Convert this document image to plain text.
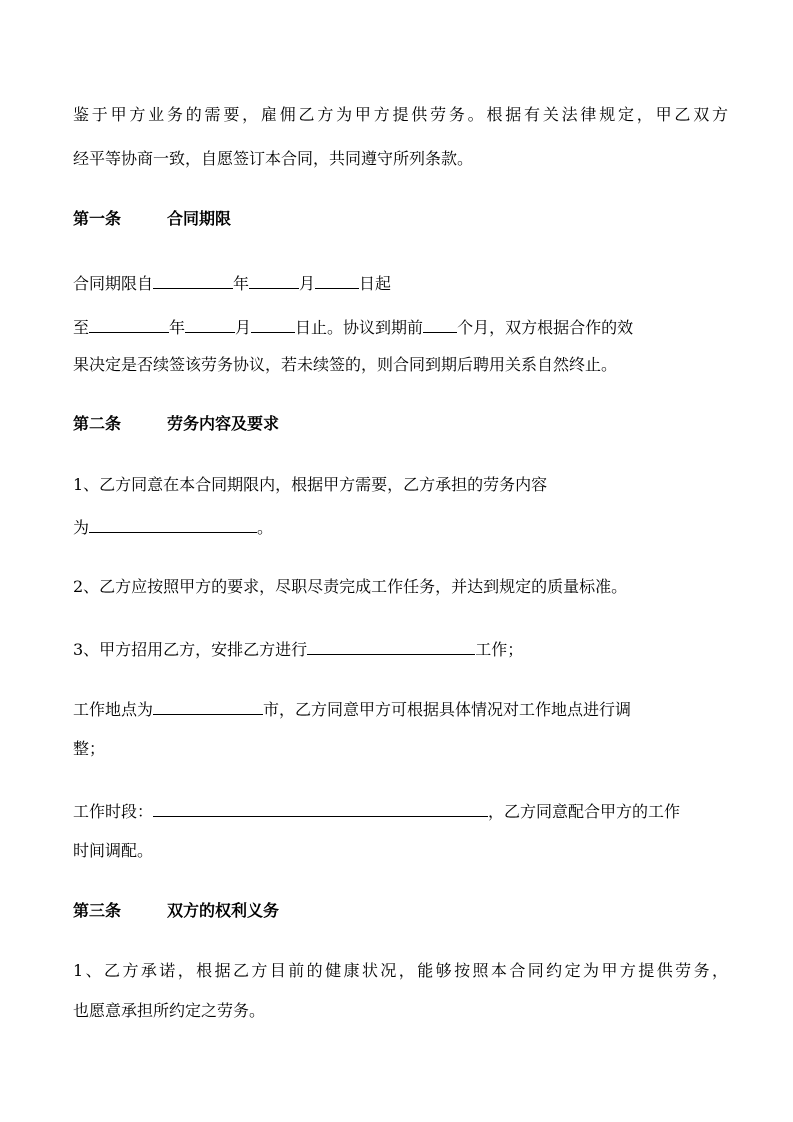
鉴于甲方业务的需要，雇佣乙方为甲方提供劳务。根据有关法律规定，甲乙双方
经平等协商一致，自愿签订本合同，共同遵守所列条款。
第一条	合同期限
合同期限自	年	月	日起
至	年	月	日止。协议到期前 个月，双方根据合作的效
果决定是否续签该劳务协议，若未续签的，则合同到期后聘用关系自然终止。
第二条	劳务内容及要求
1、乙方同意在本合同期限内，根据甲方需要，乙方承担的劳务内容
为	。
2、乙方应按照甲方的要求，尽职尽责完成工作任务，并达到规定的质量标准。
3、甲方招用乙方，安排乙方进行	工作；
工作地点为	市，乙方同意甲方可根据具体情况对工作地点进行调
整；
工作时段：	，乙方同意配合甲方的工作
时间调配。
第三条	双方的权利义务
1、乙方承诺，根据乙方目前的健康状况，能够按照本合同约定为甲方提供劳务，
也愿意承担所约定之劳务。
